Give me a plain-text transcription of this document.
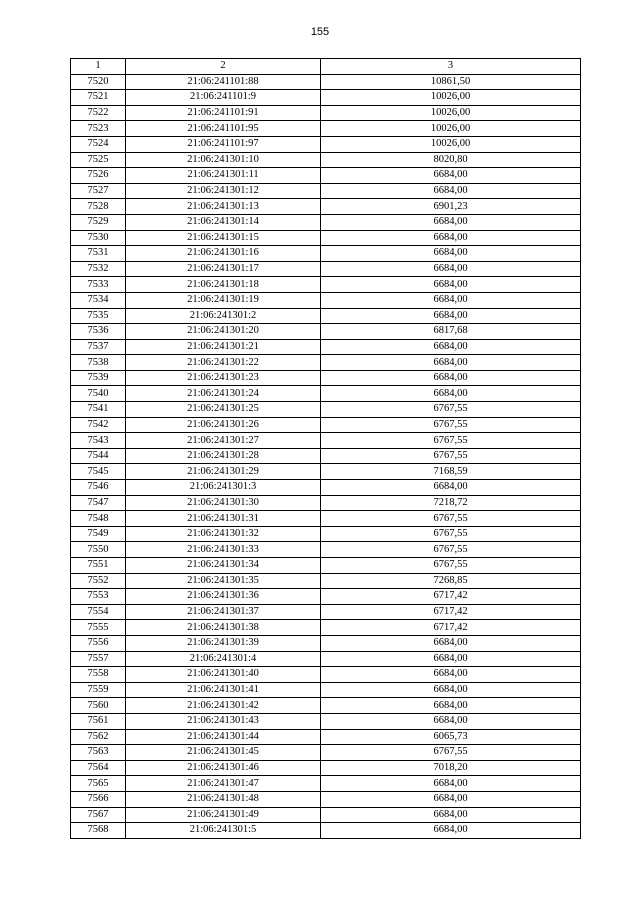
155
1	2	3
7520	21:06:241101:88	10861,50
7521	21:06:241101:9	10026,00
7522	21:06:241101:91	10026,00
7523	21:06:241101:95	10026,00
7524	21:06:241101:97	10026,00
7525	21:06:241301:10	8020,80
7526	21:06:241301:11	6684,00
7527	21:06:241301:12	6684,00
7528	21:06:241301:13	6901,23
7529	21:06:241301:14	6684,00
7530	21:06:241301:15	6684,00
7531	21:06:241301:16	6684,00
7532	21:06:241301:17	6684,00
7533	21:06:241301:18	6684,00
7534	21:06:241301:19	6684,00
7535	21:06:241301:2	6684,00
7536	21:06:241301:20	6817,68
7537	21:06:241301:21	6684,00
7538	21:06:241301:22	6684,00
7539	21:06:241301:23	6684,00
7540	21:06:241301:24	6684,00
7541	21:06:241301:25	6767,55
7542	21:06:241301:26	6767,55
7543	21:06:241301:27	6767,55
7544	21:06:241301:28	6767,55
7545	21:06:241301:29	7168,59
7546	21:06:241301:3	6684,00
7547	21:06:241301:30	7218,72
7548	21:06:241301:31	6767,55
7549	21:06:241301:32	6767,55
7550	21:06:241301:33	6767,55
7551	21:06:241301:34	6767,55
7552	21:06:241301:35	7268,85
7553	21:06:241301:36	6717,42
7554	21:06:241301:37	6717,42
7555	21:06:241301:38	6717,42
7556	21:06:241301:39	6684,00
7557	21:06:241301:4	6684,00
7558	21:06:241301:40	6684,00
7559	21:06:241301:41	6684,00
7560	21:06:241301:42	6684,00
7561	21:06:241301:43	6684,00
7562	21:06:241301:44	6065,73
7563	21:06:241301:45	6767,55
7564	21:06:241301:46	7018,20
7565	21:06:241301:47	6684,00
7566	21:06:241301:48	6684,00
7567	21:06:241301:49	6684,00
7568	21:06:241301:5	6684,00
